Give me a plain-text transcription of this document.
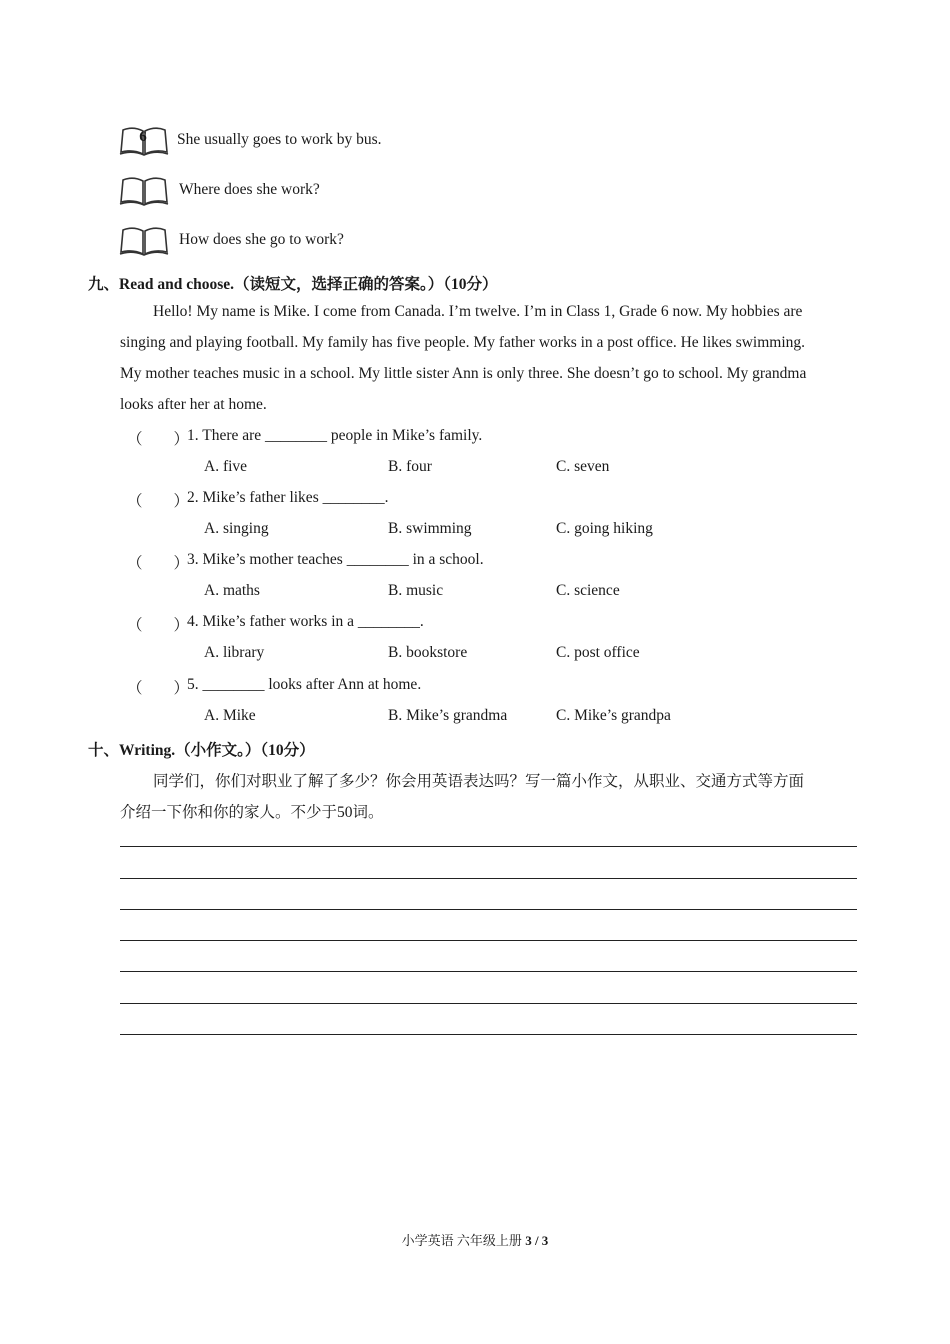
6	She usually goes to work by bus.
Where does she work?
How does she go to work?
九、Read and choose.（读短文，选择正确的答案。）（10分）
Hello! My name is Mike. I come from Canada. I’m twelve. I’m in Class 1, Grade 6 now. My hobbies are
singing and playing football. My family has five people. My father works in a post office. He likes swimming.
My mother teaches music in a school. My little sister Ann is only three. She doesn’t go to school. My grandma
looks after her at home.
（　　）
1. There are ________ people in Mike’s family.
A. five	B. four	C. seven
（　　）
2. Mike’s father likes ________.
A. singing	B. swimming	C. going hiking
（　　）
3. Mike’s mother teaches ________ in a school.
A. maths	B. music	C. science
（　　）
4. Mike’s father works in a ________.
A. library	B. bookstore	C. post office
（　　）
5. ________ looks after Ann at home.
A. Mike	B. Mike’s grandma	C. Mike’s grandpa
十、Writing.（小作文。）（10分）
同学们，你们对职业了解了多少？你会用英语表达吗？写一篇小作文，从职业、交通方式等方面
介绍一下你和你的家人。不少于50词。
小学英语 六年级上册 3 / 3
